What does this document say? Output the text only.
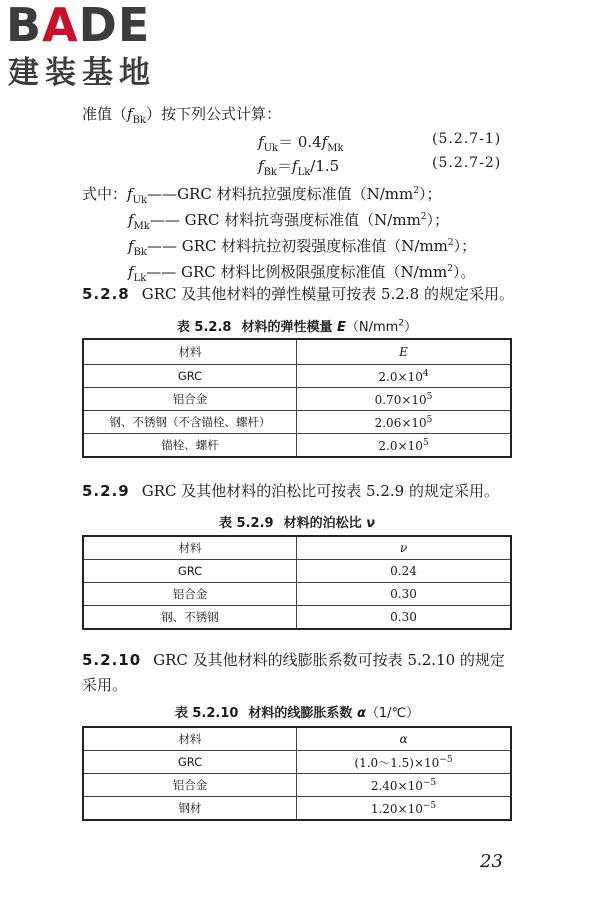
BADE
建装基地
准值$(f_{Bk})$按下列公式计算：
$f_{Uk}= 0.4f_{Mk}$
(5.2.7-1)
$f_{Bk}=f_{Lk}/1.5$	(5.2.7-2)
式中：$f_{Uk}——GRC$ 材料抗拉强度标准值$(N/mm^2)$；
$f_{Mk}——$ GRC 材料抗弯强度标准值$(N/mm^2)$；
$f_{Bk}——$ GRC 材料抗拉初裂强度标准值$(N/mm^2)$；
$f_{Lk}——$ GRC 材料比例极限强度标准值$(N/mm^2)$。
5.2.8 GRC 及其他材料的弹性模量可按表 5.2.8 的规定采用。
表 5.2.8 材料的弹性模量 $E(N/mm^2)$
材料	E
GRC	$2.0\times 10^4$
铝合金	$0.70\times 10^5$
钢、不锈钢（不含锚栓、螺杆）	$2.06\times 10^5$
锚栓、螺杆	$2.0\times 10^5$
5.2.9 GRC 及其他材料的泊松比可按表 5.2.9 的规定采用。
表 5.2.9 材料的泊松比 ν
材料	ν
GRC	0.24
铝合金	0.30
钢、不锈钢	0.30
5.2.10 GRC 及其他材料的线膨胀系数可按表 5.2.10 的规定
采用。
表 5.2.10 材料的线膨胀系数 α（1/℃）
材料	α
GRC	$(1.0\sim 1.5)\times 10^{-5}$
铝合金	$2.40\times 10^{-5}$
钢材	$1.20\times 10^{-5}$
23
